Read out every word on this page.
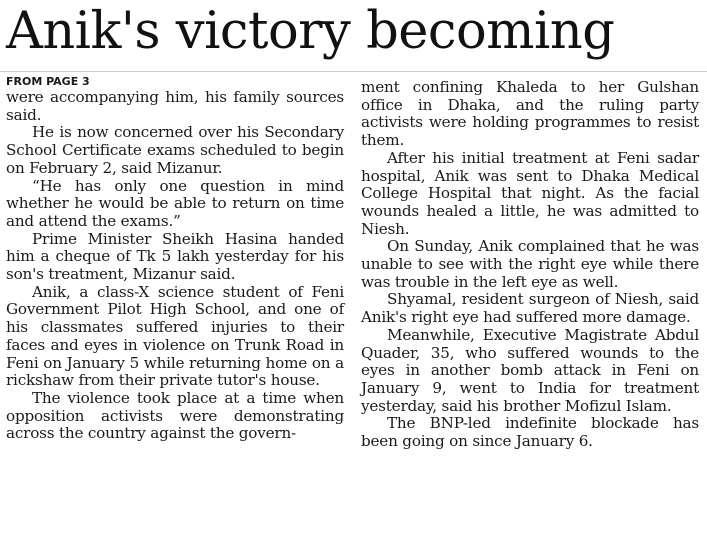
Anik's victory becoming
FROM PAGE 3

were accompanying him, his family sources said.

He is now concerned over his Secondary School Certificate exams scheduled to begin on February 2, said Mizanur.

“He has only one question in mind whether he would be able to return on time and attend the exams.”

Prime Minister Sheikh Hasina handed him a cheque of Tk 5 lakh yesterday for his son's treatment, Mizanur said.

Anik, a class-X science student of Feni Government Pilot High School, and one of his classmates suffered injuries to their faces and eyes in violence on Trunk Road in Feni on January 5 while returning home on a rickshaw from their private tutor's house.

The violence took place at a time when opposition activists were demonstrating across the country against the govern-

ment confining Khaleda to her Gulshan office in Dhaka, and the ruling party activists were holding programmes to resist them.

After his initial treatment at Feni sadar hospital, Anik was sent to Dhaka Medical College Hospital that night. As the facial wounds healed a little, he was admitted to Niesh.

On Sunday, Anik complained that he was unable to see with the right eye while there was trouble in the left eye as well.

Shyamal, resident surgeon of Niesh, said Anik's right eye had suffered more damage.

Meanwhile, Executive Magistrate Abdul Quader, 35, who suffered wounds to the eyes in another bomb attack in Feni on January 9, went to India for treatment yesterday, said his brother Mofizul Islam.

The BNP-led indefinite blockade has been going on since January 6.
